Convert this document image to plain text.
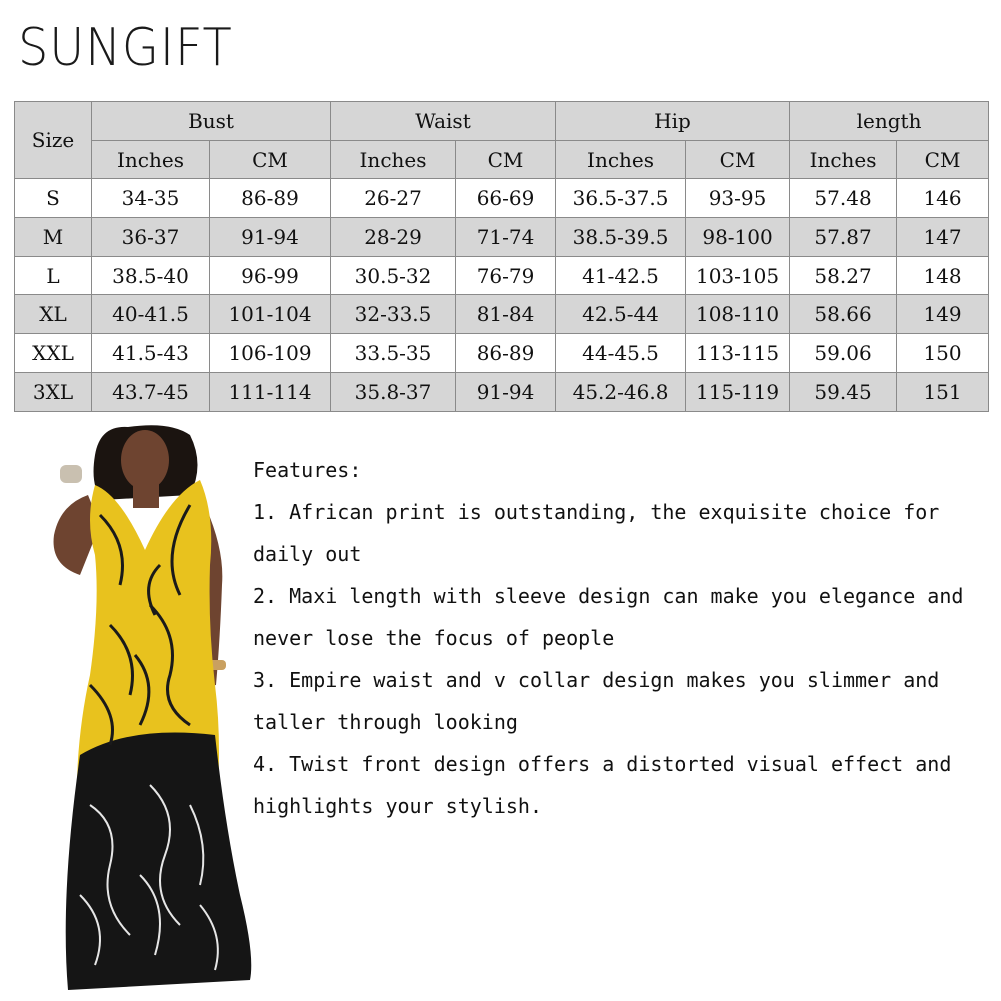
SUNGIFT
Size	Bust		Waist		Hip		length	
	Inches	CM	Inches	CM	Inches	CM	Inches	CM
S	34-35	86-89	26-27	66-69	36.5-37.5	93-95	57.48	146
M	36-37	91-94	28-29	71-74	38.5-39.5	98-100	57.87	147
L	38.5-40	96-99	30.5-32	76-79	41-42.5	103-105	58.27	148
XL	40-41.5	101-104	32-33.5	81-84	42.5-44	108-110	58.66	149
XXL	41.5-43	106-109	33.5-35	86-89	44-45.5	113-115	59.06	150
3XL	43.7-45	111-114	35.8-37	91-94	45.2-46.8	115-119	59.45	151
Features:
1. African print is outstanding, the exquisite choice for
daily out
2. Maxi length with sleeve design can make you elegance and
never lose the focus of people
3. Empire waist and v collar design makes you slimmer and
taller through looking
4. Twist front design offers a distorted visual effect and
highlights your stylish.
